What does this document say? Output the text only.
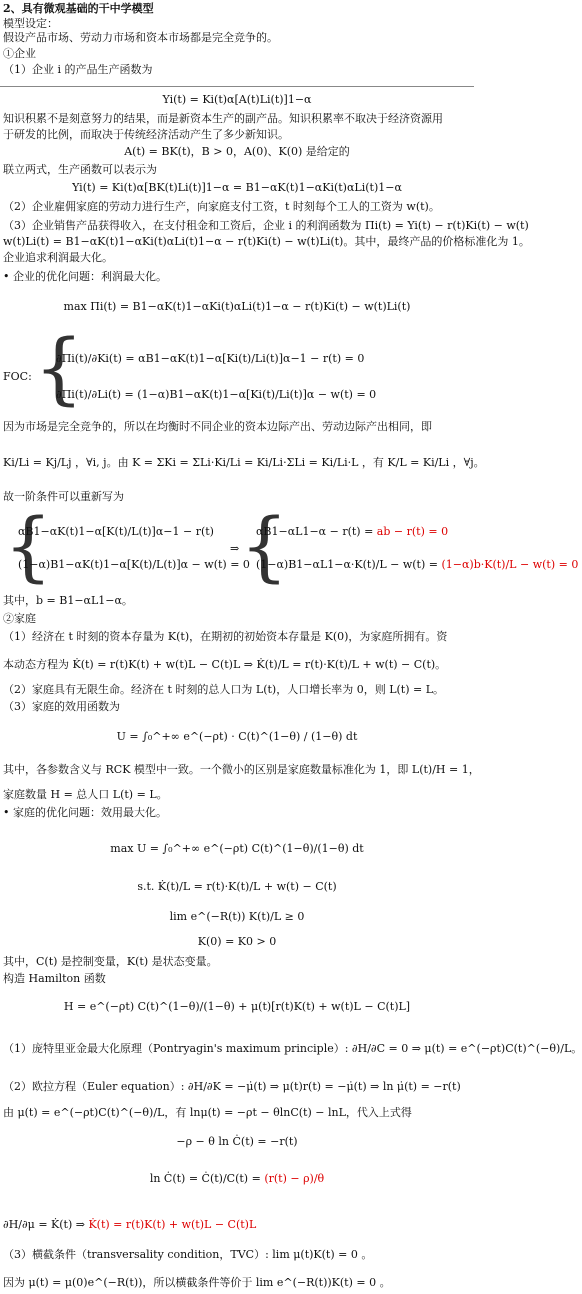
2、具有微观基础的干中学模型
模型设定：
假设产品市场、劳动力市场和资本市场都是完全竞争的。
①企业
（1）企业 i 的产品生产函数为
Yi(t) = Ki(t)α[A(t)Li(t)]1−α
知识积累不是刻意努力的结果，而是新资本生产的副产品。知识积累率不取决于经济资源用
于研发的比例，而取决于传统经济活动产生了多少新知识。
A(t) = BK(t)，B > 0，A(0)、K(0) 是给定的
联立两式，生产函数可以表示为
Yi(t) = Ki(t)α[BK(t)Li(t)]1−α = B1−αK(t)1−αKi(t)αLi(t)1−α
（2）企业雇佣家庭的劳动力进行生产，向家庭支付工资，t 时刻每个工人的工资为 w(t)。
（3）企业销售产品获得收入，在支付租金和工资后，企业 i 的利润函数为 Πi(t) = Yi(t) − r(t)Ki(t) − w(t)
w(t)Li(t) = B1−αK(t)1−αKi(t)αLi(t)1−α − r(t)Ki(t) − w(t)Li(t)。其中，最终产品的价格标准化为 1。
企业追求利润最大化。
• 企业的优化问题：利润最大化。
max Πi(t) = B1−αK(t)1−αKi(t)αLi(t)1−α − r(t)Ki(t) − w(t)Li(t)
FOC: {
∂Πi(t)/∂Ki(t) = αB1−αK(t)1−α[Ki(t)/Li(t)]α−1 − r(t) = 0
∂Πi(t)/∂Li(t) = (1−α)B1−αK(t)1−α[Ki(t)/Li(t)]α − w(t) = 0
因为市场是完全竞争的，所以在均衡时不同企业的资本边际产出、劳动边际产出相同，即
Ki/Li = Kj/Lj ，∀i, j。由 K = ΣKi = ΣLi·Ki/Li = Ki/Li·ΣLi = Ki/Li·L ，有 K/L = Ki/Li ，∀j。
故一阶条件可以重新写为
{
αB1−αK(t)1−α[K(t)/L(t)]α−1 − r(t)
(1−α)B1−αK(t)1−α[K(t)/L(t)]α − w(t) = 0
⇒ {
αB1−αL1−α − r(t) = ab − r(t) = 0
(1−α)B1−αL1−α·K(t)/L − w(t) = (1−α)b·K(t)/L − w(t) = 0
其中，b = B1−αL1−α。
②家庭
（1）经济在 t 时刻的资本存量为 K(t)，在期初的初始资本存量是 K(0)，为家庭所拥有。资
本动态方程为 K̇(t) = r(t)K(t) + w(t)L − C(t)L ⇒ K̇(t)/L = r(t)·K(t)/L + w(t) − C(t)。
（2）家庭具有无限生命。经济在 t 时刻的总人口为 L(t)，人口增长率为 0，则 L(t) = L。
（3）家庭的效用函数为
U = ∫₀^+∞ e^(−ρt) · C(t)^(1−θ) / (1−θ) dt
其中，各参数含义与 RCK 模型中一致。一个微小的区别是家庭数量标准化为 1，即 L(t)/H = 1，
家庭数量 H = 总人口 L(t) = L。
• 家庭的优化问题：效用最大化。
max U = ∫₀^+∞ e^(−ρt) C(t)^(1−θ)/(1−θ) dt
s.t. K̇(t)/L = r(t)·K(t)/L + w(t) − C(t)
lim e^(−R(t)) K(t)/L ≥ 0
K(0) = K0 > 0
其中，C(t) 是控制变量，K(t) 是状态变量。
构造 Hamilton 函数
H = e^(−ρt) C(t)^(1−θ)/(1−θ) + μ(t)[r(t)K(t) + w(t)L − C(t)L]
（1）庞特里亚金最大化原理（Pontryagin's maximum principle）: ∂H/∂C = 0 ⇒ μ(t) = e^(−ρt)C(t)^(−θ)/L。
（2）欧拉方程（Euler equation）: ∂H/∂K = −μ̇(t) ⇒ μ(t)r(t) = −μ̇(t) ⇒ ln μ̇(t) = −r(t)
由 μ(t) = e^(−ρt)C(t)^(−θ)/L，有 lnμ(t) = −ρt − θlnC(t) − lnL，代入上式得
−ρ − θ ln Ċ(t) = −r(t)
ln Ċ(t) = Ċ(t)/C(t) = (r(t) − ρ)/θ
∂H/∂μ = K̇(t) ⇒ K̇(t) = r(t)K(t) + w(t)L − C(t)L
（3）横截条件（transversality condition，TVC）: lim μ(t)K(t) = 0 。
因为 μ(t) = μ(0)e^(−R(t))，所以横截条件等价于 lim e^(−R(t))K(t) = 0 。
